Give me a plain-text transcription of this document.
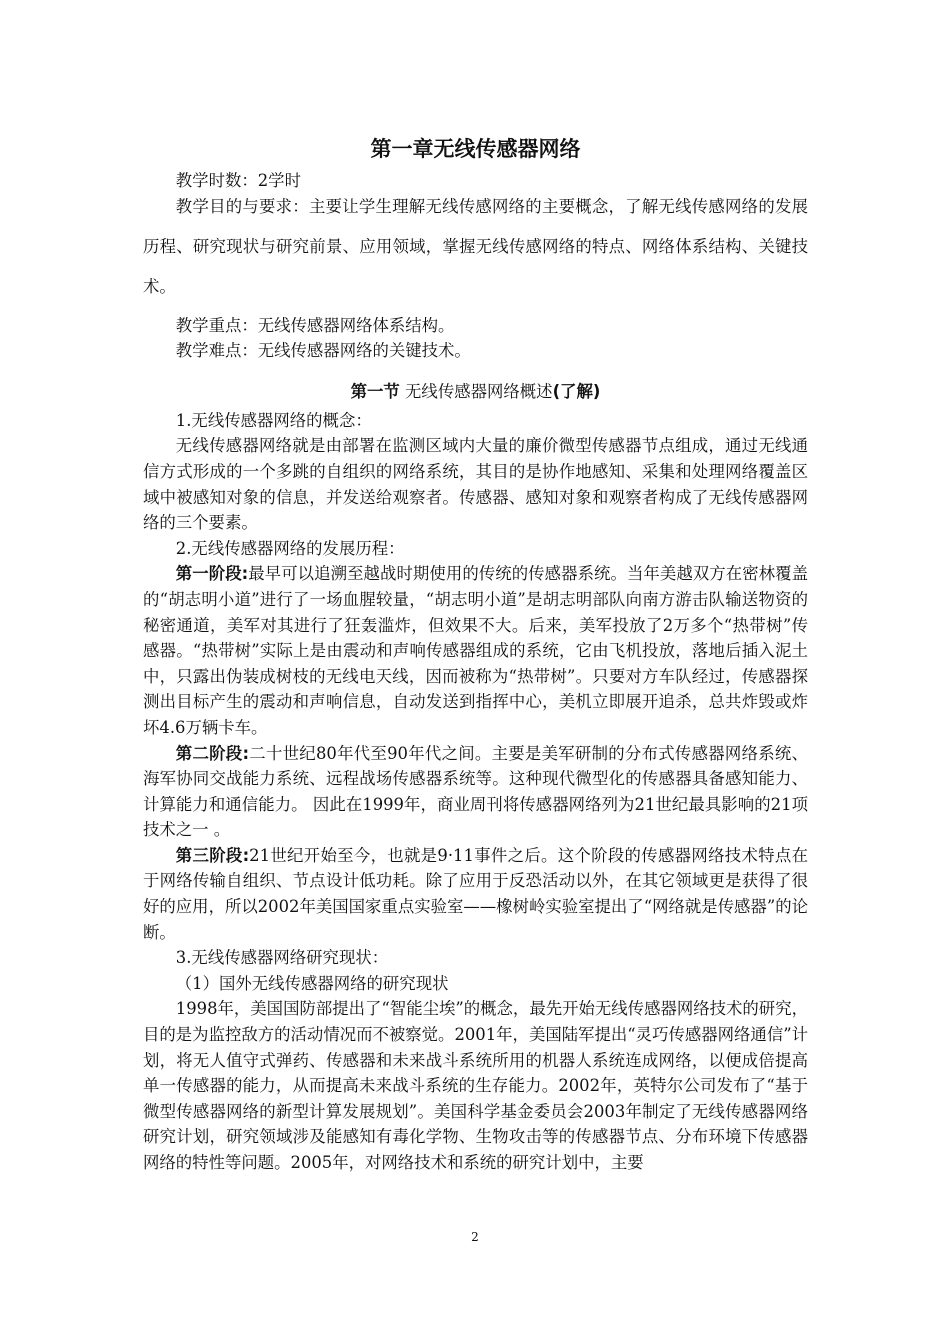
第一章无线传感器网络

教学时数：2学时

教学目的与要求：主要让学生理解无线传感网络的主要概念，了解无线传感网络的发展历程、研究现状与研究前景、应用领域，掌握无线传感网络的特点、网络体系结构、关键技术。

教学重点：无线传感器网络体系结构。

教学难点：无线传感器网络的关键技术。

第一节 无线传感器网络概述(了解)

1.无线传感器网络的概念：

无线传感器网络就是由部署在监测区域内大量的廉价微型传感器节点组成，通过无线通信方式形成的一个多跳的自组织的网络系统，其目的是协作地感知、采集和处理网络覆盖区域中被感知对象的信息，并发送给观察者。传感器、感知对象和观察者构成了无线传感器网络的三个要素。

2.无线传感器网络的发展历程：

第一阶段:最早可以追溯至越战时期使用的传统的传感器系统。当年美越双方在密林覆盖的“胡志明小道”进行了一场血腥较量，“胡志明小道”是胡志明部队向南方游击队输送物资的秘密通道，美军对其进行了狂轰滥炸，但效果不大。后来，美军投放了2万多个“热带树”传感器。“热带树”实际上是由震动和声响传感器组成的系统，它由飞机投放，落地后插入泥土中，只露出伪装成树枝的无线电天线，因而被称为“热带树”。只要对方车队经过，传感器探测出目标产生的震动和声响信息，自动发送到指挥中心，美机立即展开追杀，总共炸毁或炸坏4.6万辆卡车。

第二阶段:二十世纪80年代至90年代之间。主要是美军研制的分布式传感器网络系统、海军协同交战能力系统、远程战场传感器系统等。这种现代微型化的传感器具备感知能力、计算能力和通信能力。 因此在1999年，商业周刊将传感器网络列为21世纪最具影响的21项技术之一 。

第三阶段:21世纪开始至今，也就是9·11事件之后。这个阶段的传感器网络技术特点在于网络传输自组织、节点设计低功耗。除了应用于反恐活动以外，在其它领域更是获得了很好的应用，所以2002年美国国家重点实验室——橡树岭实验室提出了“网络就是传感器”的论断。

3.无线传感器网络研究现状：

（1）国外无线传感器网络的研究现状

1998年，美国国防部提出了“智能尘埃”的概念，最先开始无线传感器网络技术的研究，目的是为监控敌方的活动情况而不被察觉。2001年，美国陆军提出“灵巧传感器网络通信”计划，将无人值守式弹药、传感器和未来战斗系统所用的机器人系统连成网络，以便成倍提高单一传感器的能力，从而提高未来战斗系统的生存能力。2002年，英特尔公司发布了“基于微型传感器网络的新型计算发展规划”。美国科学基金委员会2003年制定了无线传感器网络研究计划，研究领域涉及能感知有毒化学物、生物攻击等的传感器节点、分布环境下传感器网络的特性等问题。2005年，对网络技术和系统的研究计划中，主要

2
